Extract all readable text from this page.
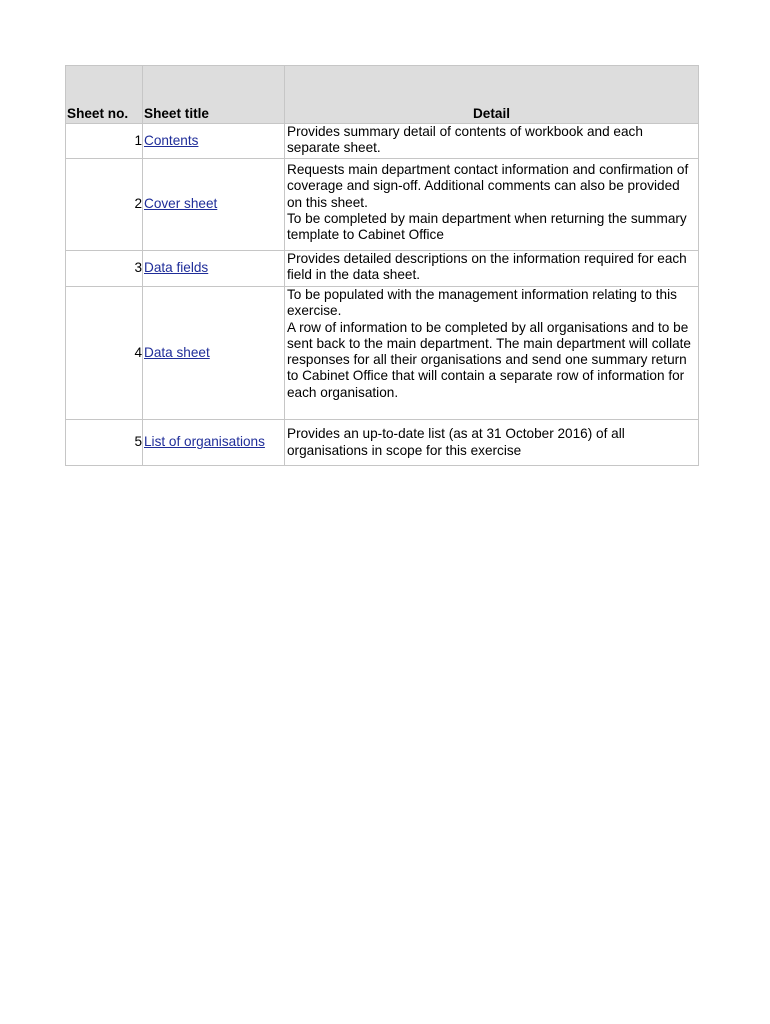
Sheet no.	Sheet title	Detail
1	Contents	Provides summary detail of contents of workbook and each separate sheet.

2	Cover sheet	Requests main department contact information and confirmation of coverage and sign-off. Additional comments can also be provided on this sheet.
To be completed by main department when returning the summary template to Cabinet Office

3	Data fields	Provides detailed descriptions on the information required for each field in the data sheet.

4	Data sheet	To be populated with the management information relating to this exercise.
A row of information to be completed by all organisations and to be sent back to the main department. The main department will collate responses for all their organisations and send one summary return to Cabinet Office that will contain a separate row of information for each organisation.

5	List of organisations	Provides an up-to-date list (as at 31 October 2016) of all organisations in scope for this exercise
